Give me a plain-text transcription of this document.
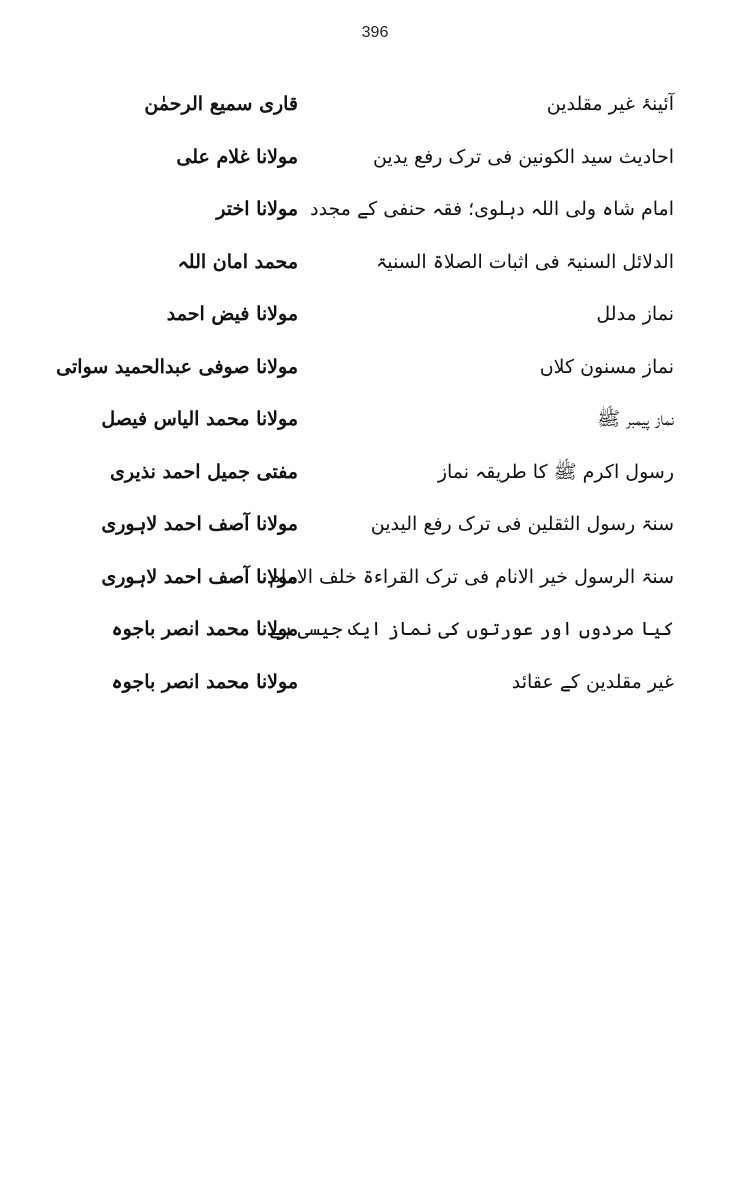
396
آئینۂ غیر مقلدین
قاری سمیع الرحمٰن
احادیث سید الکونین فی ترک رفع یدین
مولانا غلام علی
امام شاہ ولی اللہ دہلوی؛ فقہ حنفی کے مجدد
مولانا اختر
الدلائل السنیۃ فی اثبات الصلاۃ السنیۃ
محمد امان اللہ
نماز مدلل
مولانا فیض احمد
نماز مسنون کلاں
مولانا صوفی عبدالحمید سواتی
نماز پیمبر ﷺ
مولانا محمد الیاس فیصل
رسول اکرم ﷺ کا طریقہ نماز
مفتی جمیل احمد نذیری
سنۃ رسول الثقلین فی ترک رفع الیدین
مولانا آصف احمد لاہوری
سنۃ الرسول خیر الانام فی ترک القراءۃ خلف الامام
مولانا آصف احمد لاہوری
کیا مردوں اور عورتوں کی نماز ایک جیسی ہے
مولانا محمد انصر باجوہ
غیر مقلدین کے عقائد
مولانا محمد انصر باجوہ
